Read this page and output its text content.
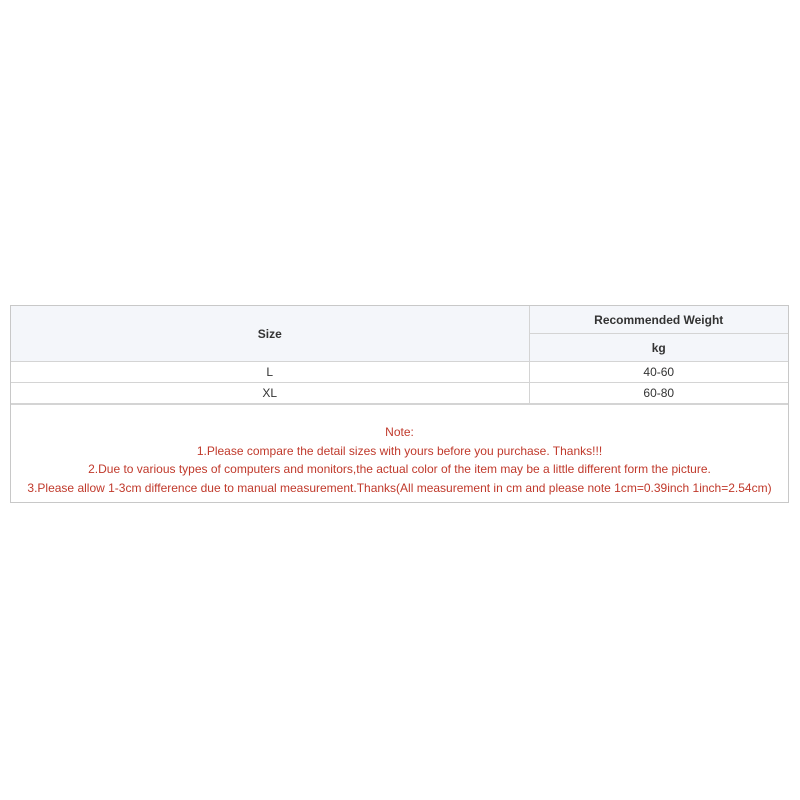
Size	Recommended Weight
	kg
L	40-60
XL	60-80
Note:
1.Please compare the detail sizes with yours before you purchase. Thanks!!!
2.Due to various types of computers and monitors,the actual color of the item may be a little different form the picture.
3.Please allow 1-3cm difference due to manual measurement.Thanks(All measurement in cm and please note 1cm=0.39inch 1inch=2.54cm)
